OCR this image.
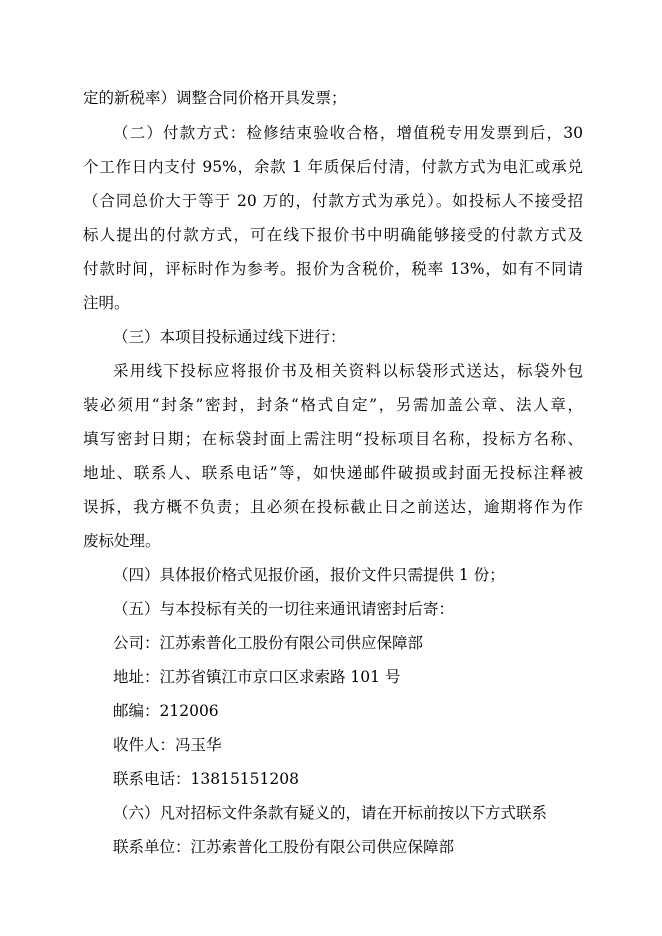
定的新税率）调整合同价格开具发票；
（二）付款方式：检修结束验收合格，增值税专用发票到后，30
个工作日内支付 95%，余款 1 年质保后付清，付款方式为电汇或承兑
（合同总价大于等于 20 万的，付款方式为承兑）。如投标人不接受招
标人提出的付款方式，可在线下报价书中明确能够接受的付款方式及
付款时间，评标时作为参考。报价为含税价，税率 13%，如有不同请
注明。
（三）本项目投标通过线下进行：
采用线下投标应将报价书及相关资料以标袋形式送达，标袋外包
装必须用“封条”密封，封条“格式自定”，另需加盖公章、法人章，
填写密封日期；在标袋封面上需注明“投标项目名称，投标方名称、
地址、联系人、联系电话”等，如快递邮件破损或封面无投标注释被
误拆，我方概不负责；且必须在投标截止日之前送达，逾期将作为作
废标处理。
（四）具体报价格式见报价函，报价文件只需提供 1 份；
（五）与本投标有关的一切往来通讯请密封后寄：
公司：江苏索普化工股份有限公司供应保障部
地址：江苏省镇江市京口区求索路 101 号
邮编：212006
收件人：冯玉华
联系电话：13815151208
（六）凡对招标文件条款有疑义的，请在开标前按以下方式联系
联系单位：江苏索普化工股份有限公司供应保障部
